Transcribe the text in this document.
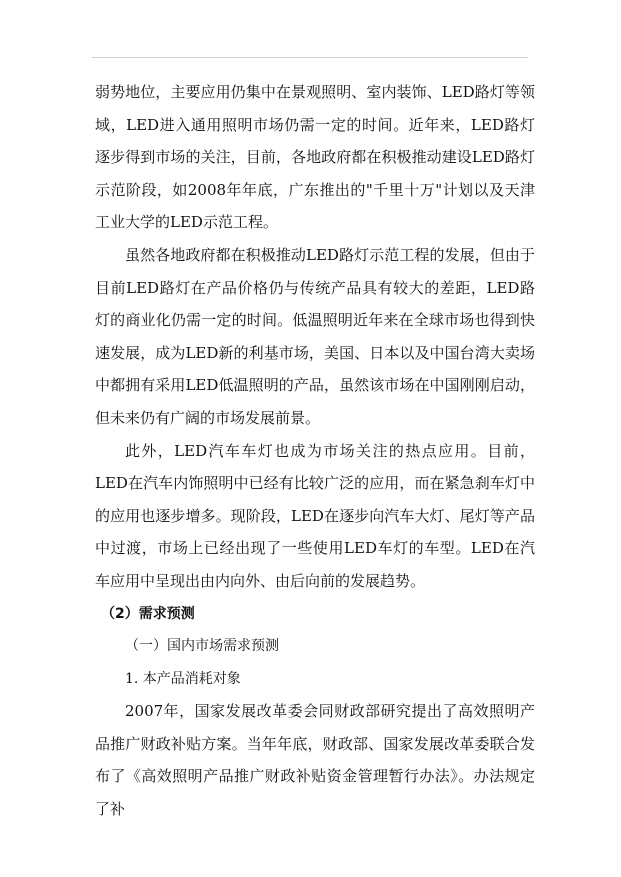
弱势地位，主要应用仍集中在景观照明、室内装饰、LED路灯等领域，LED进入通用照明市场仍需一定的时间。近年来，LED路灯逐步得到市场的关注，目前，各地政府都在积极推动建设LED路灯示范阶段，如2008年年底，广东推出的"千里十万"计划以及天津工业大学的LED示范工程。

虽然各地政府都在积极推动LED路灯示范工程的发展，但由于目前LED路灯在产品价格仍与传统产品具有较大的差距，LED路灯的商业化仍需一定的时间。低温照明近年来在全球市场也得到快速发展，成为LED新的利基市场，美国、日本以及中国台湾大卖场中都拥有采用LED低温照明的产品，虽然该市场在中国刚刚启动，但未来仍有广阔的市场发展前景。

此外，LED汽车车灯也成为市场关注的热点应用。目前，LED在汽车内饰照明中已经有比较广泛的应用，而在紧急刹车灯中的应用也逐步增多。现阶段，LED在逐步向汽车大灯、尾灯等产品中过渡，市场上已经出现了一些使用LED车灯的车型。LED在汽车应用中呈现出由内向外、由后向前的发展趋势。

（2）需求预测

（一）国内市场需求预测

1. 本产品消耗对象

2007年，国家发展改革委会同财政部研究提出了高效照明产品推广财政补贴方案。当年年底，财政部、国家发展改革委联合发布了《高效照明产品推广财政补贴资金管理暂行办法》。办法规定了补
